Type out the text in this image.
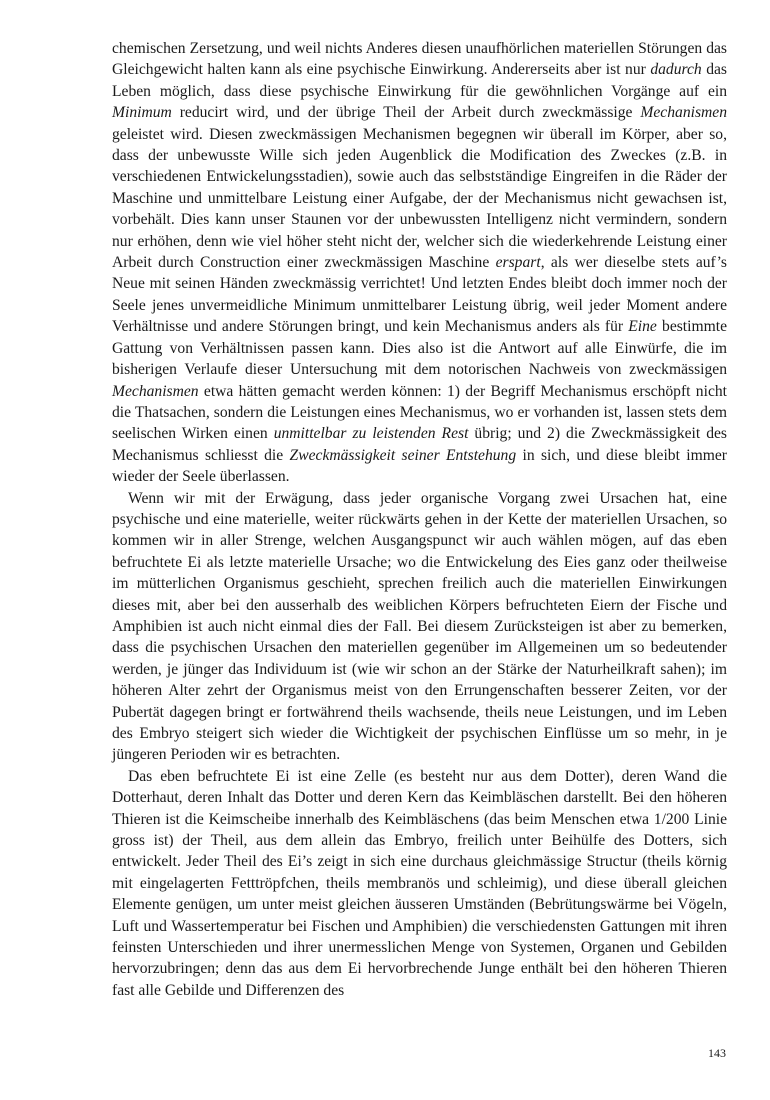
chemischen Zersetzung, und weil nichts Anderes diesen unaufhörlichen materiellen Störungen das Gleichgewicht halten kann als eine psychische Einwirkung. Andererseits aber ist nur dadurch das Leben möglich, dass diese psychische Einwirkung für die gewöhnlichen Vorgänge auf ein Minimum reducirt wird, und der übrige Theil der Arbeit durch zweckmässige Mechanismen geleistet wird. Diesen zweckmässigen Mechanismen begegnen wir überall im Körper, aber so, dass der unbewusste Wille sich jeden Augenblick die Modification des Zweckes (z.B. in verschiedenen Entwickelungsstadien), sowie auch das selbstständige Eingreifen in die Räder der Maschine und unmittelbare Leistung einer Aufgabe, der der Mechanismus nicht gewachsen ist, vorbehält. Dies kann unser Staunen vor der unbewussten Intelligenz nicht vermindern, sondern nur erhöhen, denn wie viel höher steht nicht der, welcher sich die wiederkehrende Leistung einer Arbeit durch Construction einer zweckmässigen Maschine erspart, als wer dieselbe stets auf’s Neue mit seinen Händen zweckmässig verrichtet! Und letzten Endes bleibt doch immer noch der Seele jenes unvermeidliche Minimum unmittelbarer Leistung übrig, weil jeder Moment andere Verhältnisse und andere Störungen bringt, und kein Mechanismus anders als für Eine bestimmte Gattung von Verhältnissen passen kann. Dies also ist die Antwort auf alle Einwürfe, die im bisherigen Verlaufe dieser Untersuchung mit dem notorischen Nachweis von zweckmässigen Mechanismen etwa hätten gemacht werden können: 1) der Begriff Mechanismus erschöpft nicht die Thatsachen, sondern die Leistungen eines Mechanismus, wo er vorhanden ist, lassen stets dem seelischen Wirken einen unmittelbar zu leistenden Rest übrig; und 2) die Zweckmässigkeit des Mechanismus schliesst die Zweckmässigkeit seiner Entstehung in sich, und diese bleibt immer wieder der Seele überlassen.

Wenn wir mit der Erwägung, dass jeder organische Vorgang zwei Ursachen hat, eine psychische und eine materielle, weiter rückwärts gehen in der Kette der materiellen Ursachen, so kommen wir in aller Strenge, welchen Ausgangspunct wir auch wählen mögen, auf das eben befruchtete Ei als letzte materielle Ursache; wo die Entwickelung des Eies ganz oder theilweise im mütterlichen Organismus geschieht, sprechen freilich auch die materiellen Einwirkungen dieses mit, aber bei den ausserhalb des weiblichen Körpers befruchteten Eiern der Fische und Amphibien ist auch nicht einmal dies der Fall. Bei diesem Zurücksteigen ist aber zu bemerken, dass die psychischen Ursachen den materiellen gegenüber im Allgemeinen um so bedeutender werden, je jünger das Individuum ist (wie wir schon an der Stärke der Naturheilkraft sahen); im höheren Alter zehrt der Organismus meist von den Errungenschaften besserer Zeiten, vor der Pubertät dagegen bringt er fortwährend theils wachsende, theils neue Leistungen, und im Leben des Embryo steigert sich wieder die Wichtigkeit der psychischen Einflüsse um so mehr, in je jüngeren Perioden wir es betrachten.

Das eben befruchtete Ei ist eine Zelle (es besteht nur aus dem Dotter), deren Wand die Dotterhaut, deren Inhalt das Dotter und deren Kern das Keimbläschen darstellt. Bei den höheren Thieren ist die Keimscheibe innerhalb des Keimbläschens (das beim Menschen etwa 1/200 Linie gross ist) der Theil, aus dem allein das Embryo, freilich unter Beihülfe des Dotters, sich entwickelt. Jeder Theil des Ei’s zeigt in sich eine durchaus gleichmässige Structur (theils körnig mit eingelagerten Fetttröpfchen, theils membranös und schleimig), und diese überall gleichen Elemente genügen, um unter meist gleichen äusseren Umständen (Bebrütungswärme bei Vögeln, Luft und Wassertemperatur bei Fischen und Amphibien) die verschiedensten Gattungen mit ihren feinsten Unterschieden und ihrer unermesslichen Menge von Systemen, Organen und Gebilden hervorzubringen; denn das aus dem Ei hervorbrechende Junge enthält bei den höheren Thieren fast alle Gebilde und Differenzen des

143
